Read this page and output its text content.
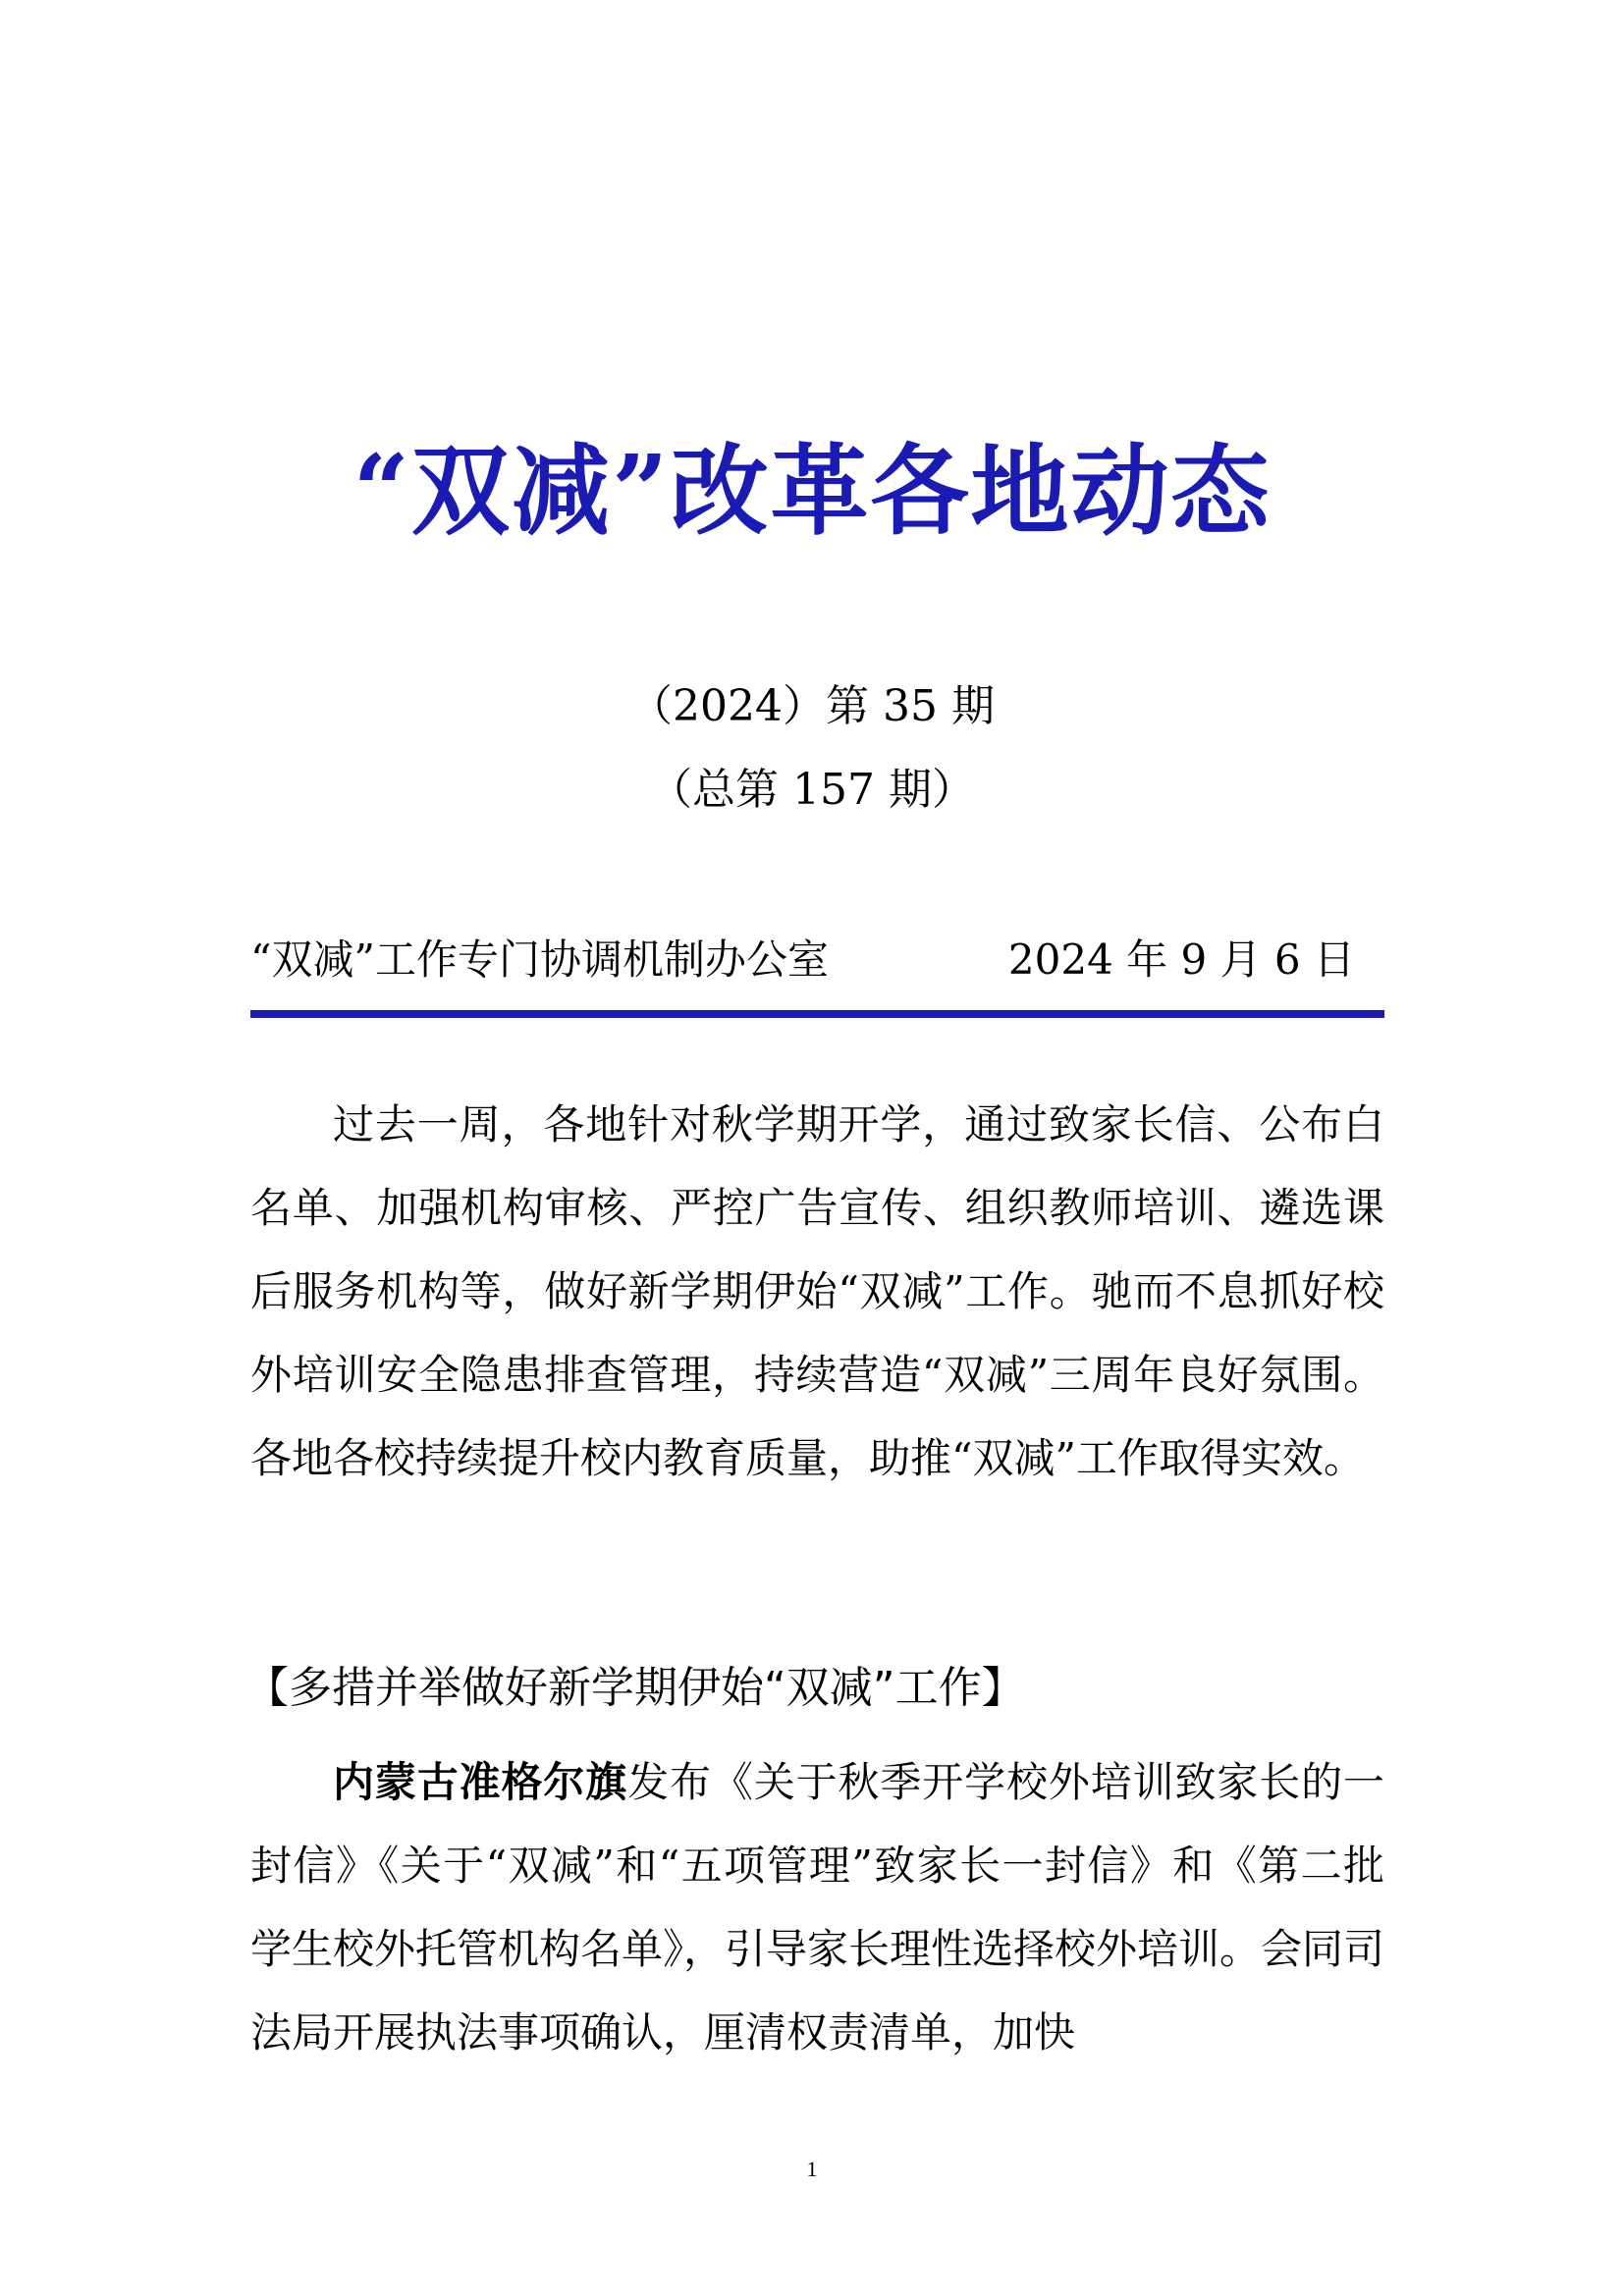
“双减”改革各地动态

（2024）第 35 期

（总第 157 期）

“双减”工作专门协调机制办公室	2024 年 9 月 6 日

过去一周，各地针对秋学期开学，通过致家长信、公布白名单、加强机构审核、严控广告宣传、组织教师培训、遴选课后服务机构等，做好新学期伊始“双减”工作。驰而不息抓好校外培训安全隐患排查管理，持续营造“双减”三周年良好氛围。各地各校持续提升校内教育质量，助推“双减”工作取得实效。

【多措并举做好新学期伊始“双减”工作】

内蒙古准格尔旗发布《关于秋季开学校外培训致家长的一封信》《关于“双减”和“五项管理”致家长一封信》和《第二批学生校外托管机构名单》，引导家长理性选择校外培训。会同司法局开展执法事项确认，厘清权责清单，加快

1
